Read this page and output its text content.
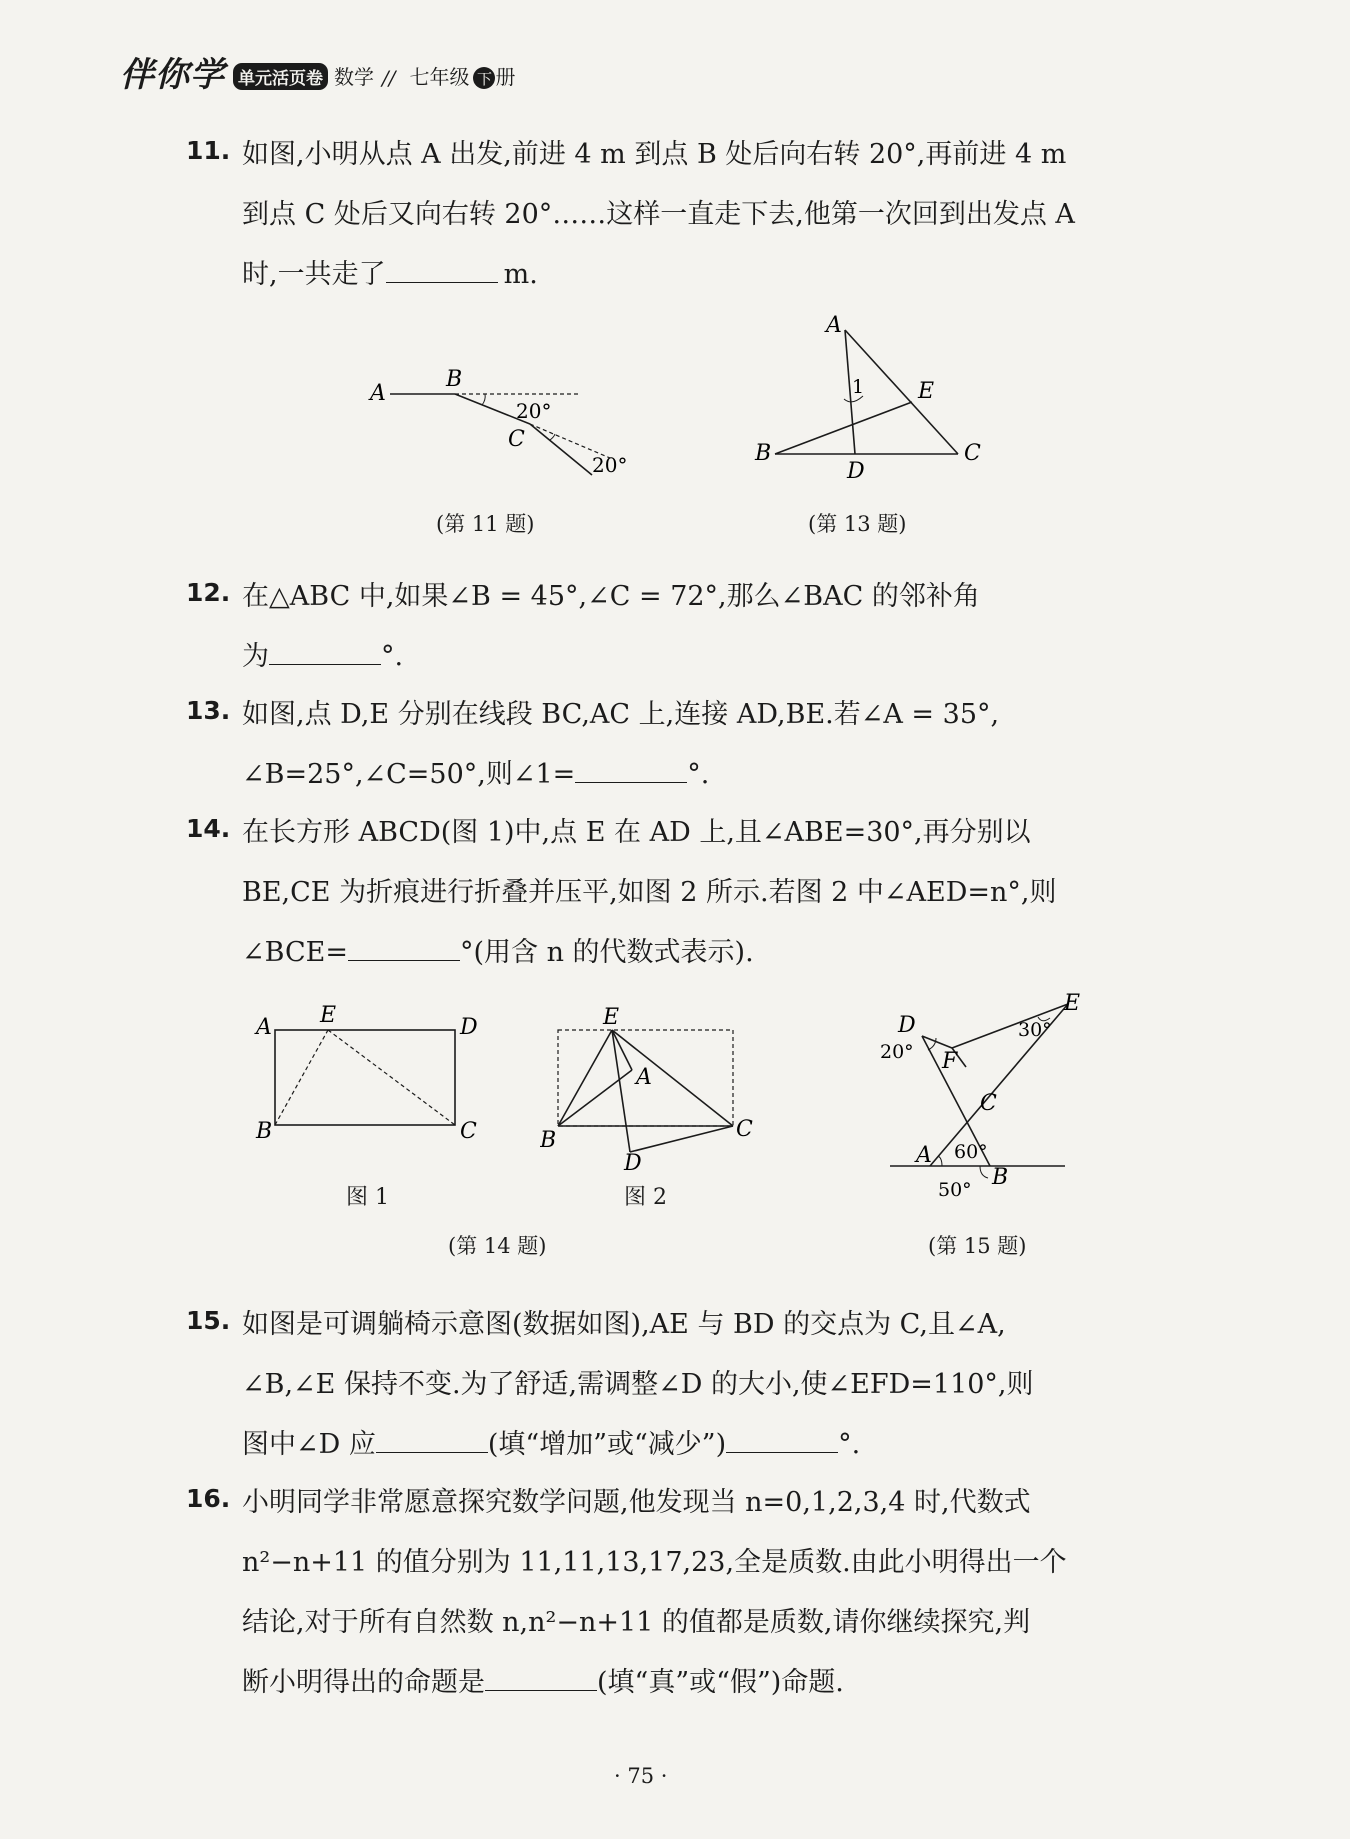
伴你学 单元活页卷 数学 // 七年级 下 册
11. 如图,小明从点 A 出发,前进 4 m 到点 B 处后向右转 20°,再前进 4 m
到点 C 处后又向右转 20°……这样一直走下去,他第一次回到出发点 A
时,一共走了	m.
A
B
C
20°
20°
(第 11 题)
A
B	C
D
E
1
(第 13 题)
12. 在△ABC 中,如果∠B = 45°,∠C = 72°,那么∠BAC 的邻补角
为	°.
13. 如图,点 D,E 分别在线段 BC,AC 上,连接 AD,BE.若∠A = 35°,
∠B=25°,∠C=50°,则∠1=	°.
14. 在长方形 ABCD(图 1)中,点 E 在 AD 上,且∠ABE=30°,再分别以
BE,CE 为折痕进行折叠并压平,如图 2 所示.若图 2 中∠AED=n°,则
∠BCE=	°(用含 n 的代数式表示).
A E	D
B	C
图 1
E
A
B	C
D
图 2
(第 14 题)
D
E
F
C
A
B
20°
30°
60°
50°
(第 15 题)
15. 如图是可调躺椅示意图(数据如图),AE 与 BD 的交点为 C,且∠A,
∠B,∠E 保持不变.为了舒适,需调整∠D 的大小,使∠EFD=110°,则
图中∠D 应	(填“增加”或“减少”)	°.
16. 小明同学非常愿意探究数学问题,他发现当 n=0,1,2,3,4 时,代数式
n²−n+11 的值分别为 11,11,13,17,23,全是质数.由此小明得出一个
结论,对于所有自然数 n,n²−n+11 的值都是质数,请你继续探究,判
断小明得出的命题是	(填“真”或“假”)命题.
· 75 ·
